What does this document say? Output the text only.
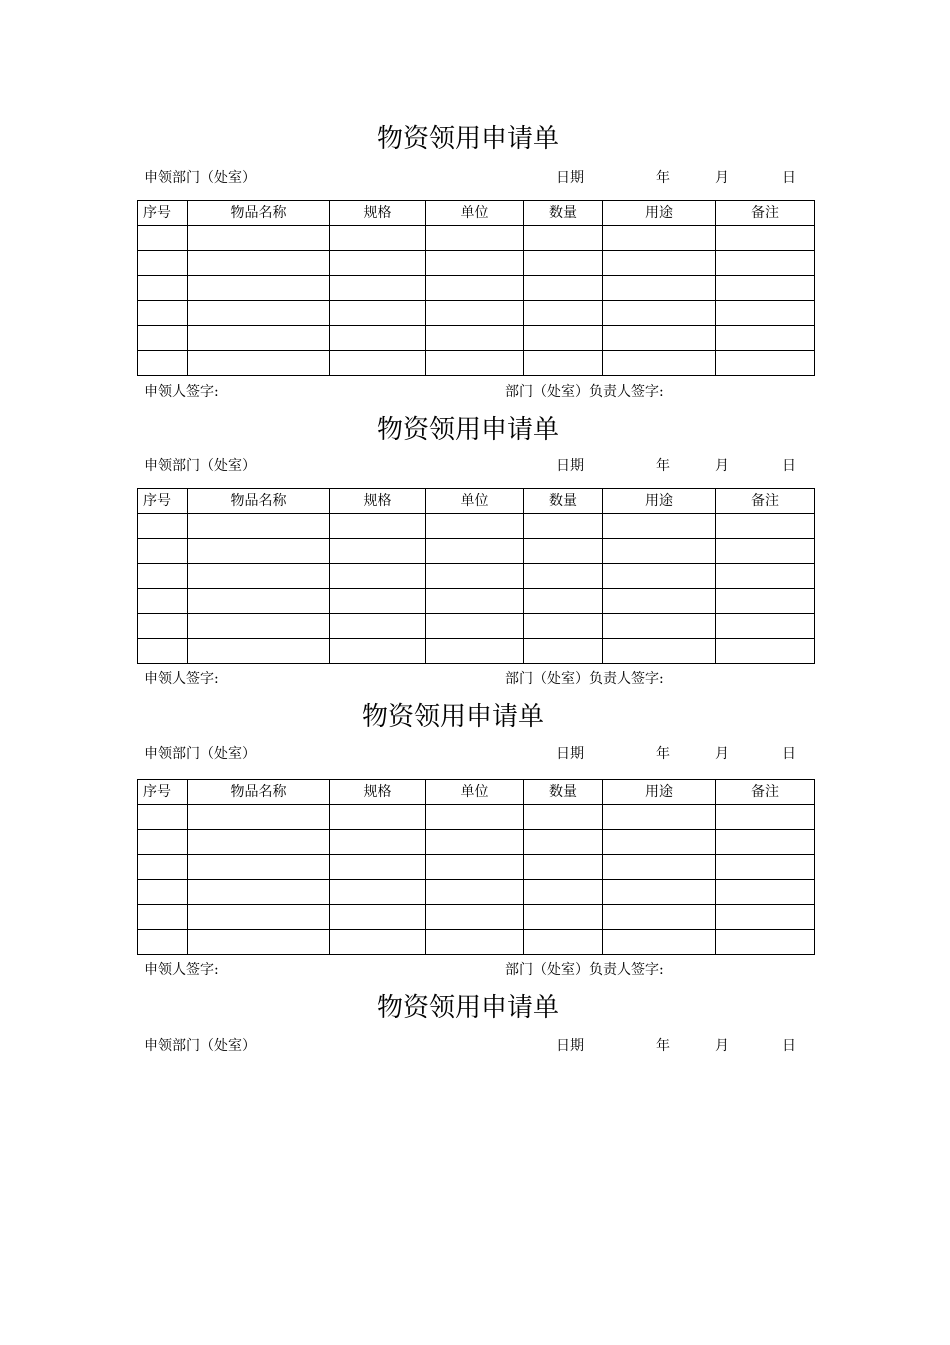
物资领用申请单
申领部门（处室）	日期	年	月	日
序号	物品名称	规格	单位	数量	用途	备注

申领人签字:	部门（处室）负责人签字:
物资领用申请单
申领部门（处室）	日期	年	月	日
序号	物品名称	规格	单位	数量	用途	备注

申领人签字:	部门（处室）负责人签字:
物资领用申请单
申领部门（处室）	日期	年	月	日
序号	物品名称	规格	单位	数量	用途	备注

申领人签字:	部门（处室）负责人签字:
物资领用申请单
申领部门（处室）	日期	年	月	日
